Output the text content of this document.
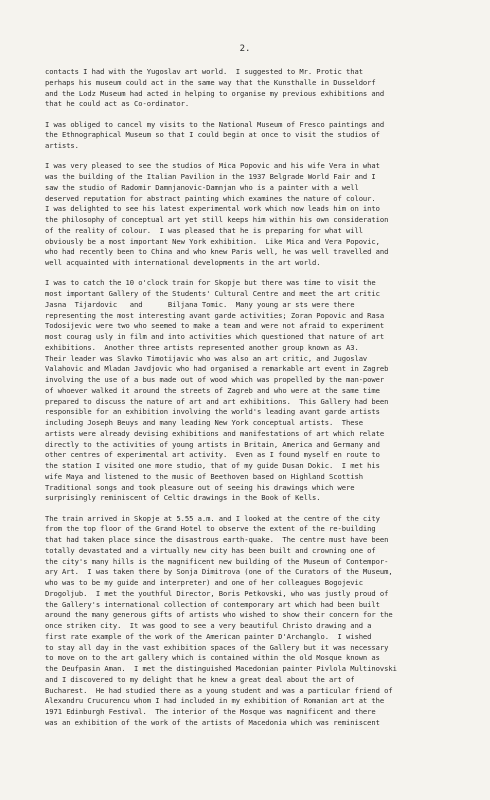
2.
contacts I had with the Yugoslav art world.  I suggested to Mr. Protic that
perhaps his museum could act in the same way that the Kunsthalle in Dusseldorf
and the Lodz Museum had acted in helping to organise my previous exhibitions and
that he could act as Co-ordinator.
I was obliged to cancel my visits to the National Museum of Fresco paintings and
the Ethnographical Museum so that I could begin at once to visit the studios of
artists.
I was very pleased to see the studios of Mica Popovic and his wife Vera in what
was the building of the Italian Pavilion in the 1937 Belgrade World Fair and I
saw the studio of Radomir Damnjanovic-Damnjan who is a painter with a well
deserved reputation for abstract painting which examines the nature of colour.
I was delighted to see his latest experimental work which now leads him on into
the philosophy of conceptual art yet still keeps him within his own consideration
of the reality of colour.  I was pleased that he is preparing for what will
obviously be a most important New York exhibition.  Like Mica and Vera Popovic,
who had recently been to China and who knew Paris well, he was well travelled and
well acquainted with international developments in the art world.
I was to catch the 10 o'clock train for Skopje but there was time to visit the
most important Gallery of the Students' Cultural Centre and meet the art critic
Jasna  Tijardovic   and      Biljana Tomic.  Many young ar sts were there
representing the most interesting avant garde activities; Zoran Popovic and Rasa
Todosijevic were two who seemed to make a team and were not afraid to experiment
most courag usly in film and into activities which questioned that nature of art
exhibitions.  Another three artists represented another group known as A3.
Their leader was Slavko Timotijavic who was also an art critic, and Jugoslav
Valahovic and Mladan Javdjovic who had organised a remarkable art event in Zagreb
involving the use of a bus made out of wood which was propelled by the man-power
of whoever walked it around the streets of Zagreb and who were at the same time
prepared to discuss the nature of art and art exhibitions.  This Gallery had been
responsible for an exhibition involving the world's leading avant garde artists
including Joseph Beuys and many leading New York conceptual artists.  These
artists were already devising exhibitions and manifestations of art which relate
directly to the activities of young artists in Britain, America and Germany and
other centres of experimental art activity.  Even as I found myself en route to
the station I visited one more studio, that of my guide Dusan Dokic.  I met his
wife Maya and listened to the music of Beethoven based on Highland Scottish
Traditional songs and took pleasure out of seeing his drawings which were
surprisingly reminiscent of Celtic drawings in the Book of Kells.
The train arrived in Skopje at 5.55 a.m. and I looked at the centre of the city
from the top floor of the Grand Hotel to observe the extent of the re-building
that had taken place since the disastrous earth-quake.  The centre must have been
totally devastated and a virtually new city has been built and crowning one of
the city's many hills is the magnificent new building of the Museum of Contempor-
ary Art.  I was taken there by Sonja Dimitrova (one of the Curators of the Museum,
who was to be my guide and interpreter) and one of her colleagues Bogojevic
Drogoljub.  I met the youthful Director, Boris Petkovski, who was justly proud of
the Gallery's international collection of contemporary art which had been built
around the many generous gifts of artists who wished to show their concern for the
once striken city.  It was good to see a very beautiful Christo drawing and a
first rate example of the work of the American painter D'Archanglo.  I wished
to stay all day in the vast exhibition spaces of the Gallery but it was necessary
to move on to the art gallery which is contained within the old Mosque known as
the Deufpasin Aman.  I met the distinguished Macedonian painter Pivlola Multinovski
and I discovered to my delight that he knew a great deal about the art of
Bucharest.  He had studied there as a young student and was a particular friend of
Alexandru Crucurencu whom I had included in my exhibition of Romanian art at the
1971 Edinburgh Festival.  The interior of the Mosque was magnificent and there
was an exhibition of the work of the artists of Macedonia which was reminiscent
